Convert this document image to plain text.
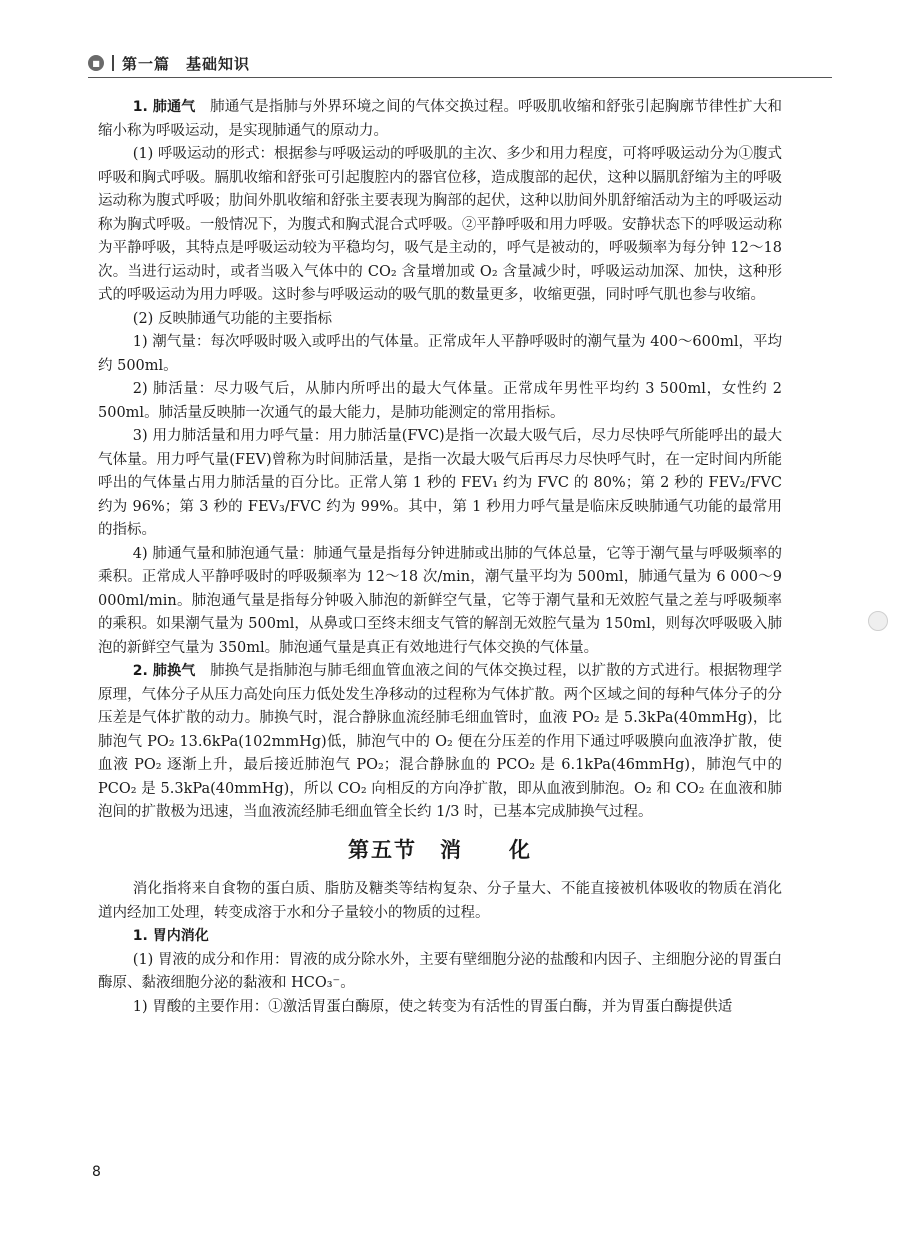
■ 第一篇　基础知识

1. 肺通气　肺通气是指肺与外界环境之间的气体交换过程。呼吸肌收缩和舒张引起胸廓节律性扩大和缩小称为呼吸运动，是实现肺通气的原动力。

(1) 呼吸运动的形式：根据参与呼吸运动的呼吸肌的主次、多少和用力程度，可将呼吸运动分为①腹式呼吸和胸式呼吸。膈肌收缩和舒张可引起腹腔内的器官位移，造成腹部的起伏，这种以膈肌舒缩为主的呼吸运动称为腹式呼吸；肋间外肌收缩和舒张主要表现为胸部的起伏，这种以肋间外肌舒缩活动为主的呼吸运动称为胸式呼吸。一般情况下，为腹式和胸式混合式呼吸。②平静呼吸和用力呼吸。安静状态下的呼吸运动称为平静呼吸，其特点是呼吸运动较为平稳均匀，吸气是主动的，呼气是被动的，呼吸频率为每分钟 12～18 次。当进行运动时，或者当吸入气体中的 CO₂ 含量增加或 O₂ 含量减少时，呼吸运动加深、加快，这种形式的呼吸运动为用力呼吸。这时参与呼吸运动的吸气肌的数量更多，收缩更强，同时呼气肌也参与收缩。

(2) 反映肺通气功能的主要指标

1) 潮气量：每次呼吸时吸入或呼出的气体量。正常成年人平静呼吸时的潮气量为 400～600ml，平均约 500ml。

2) 肺活量：尽力吸气后，从肺内所呼出的最大气体量。正常成年男性平均约 3 500ml，女性约 2 500ml。肺活量反映肺一次通气的最大能力，是肺功能测定的常用指标。

3) 用力肺活量和用力呼气量：用力肺活量(FVC)是指一次最大吸气后，尽力尽快呼气所能呼出的最大气体量。用力呼气量(FEV)曾称为时间肺活量，是指一次最大吸气后再尽力尽快呼气时，在一定时间内所能呼出的气体量占用力肺活量的百分比。正常人第 1 秒的 FEV₁ 约为 FVC 的 80%；第 2 秒的 FEV₂/FVC 约为 96%；第 3 秒的 FEV₃/FVC 约为 99%。其中，第 1 秒用力呼气量是临床反映肺通气功能的最常用的指标。

4) 肺通气量和肺泡通气量：肺通气量是指每分钟进肺或出肺的气体总量，它等于潮气量与呼吸频率的乘积。正常成人平静呼吸时的呼吸频率为 12～18 次/min，潮气量平均为 500ml，肺通气量为 6 000～9 000ml/min。肺泡通气量是指每分钟吸入肺泡的新鲜空气量，它等于潮气量和无效腔气量之差与呼吸频率的乘积。如果潮气量为 500ml，从鼻或口至终末细支气管的解剖无效腔气量为 150ml，则每次呼吸吸入肺泡的新鲜空气量为 350ml。肺泡通气量是真正有效地进行气体交换的气体量。

2. 肺换气　肺换气是指肺泡与肺毛细血管血液之间的气体交换过程，以扩散的方式进行。根据物理学原理，气体分子从压力高处向压力低处发生净移动的过程称为气体扩散。两个区域之间的每种气体分子的分压差是气体扩散的动力。肺换气时，混合静脉血流经肺毛细血管时，血液 PO₂ 是 5.3kPa(40mmHg)，比肺泡气 PO₂ 13.6kPa(102mmHg)低，肺泡气中的 O₂ 便在分压差的作用下通过呼吸膜向血液净扩散，使血液 PO₂ 逐渐上升，最后接近肺泡气 PO₂；混合静脉血的 PCO₂ 是 6.1kPa(46mmHg)，肺泡气中的 PCO₂ 是 5.3kPa(40mmHg)，所以 CO₂ 向相反的方向净扩散，即从血液到肺泡。O₂ 和 CO₂ 在血液和肺泡间的扩散极为迅速，当血液流经肺毛细血管全长约 1/3 时，已基本完成肺换气过程。

第五节　消　　化

消化指将来自食物的蛋白质、脂肪及糖类等结构复杂、分子量大、不能直接被机体吸收的物质在消化道内经加工处理，转变成溶于水和分子量较小的物质的过程。

1. 胃内消化

(1) 胃液的成分和作用：胃液的成分除水外，主要有壁细胞分泌的盐酸和内因子、主细胞分泌的胃蛋白酶原、黏液细胞分泌的黏液和 HCO₃⁻。

1) 胃酸的主要作用：①激活胃蛋白酶原，使之转变为有活性的胃蛋白酶，并为胃蛋白酶提供适

8
